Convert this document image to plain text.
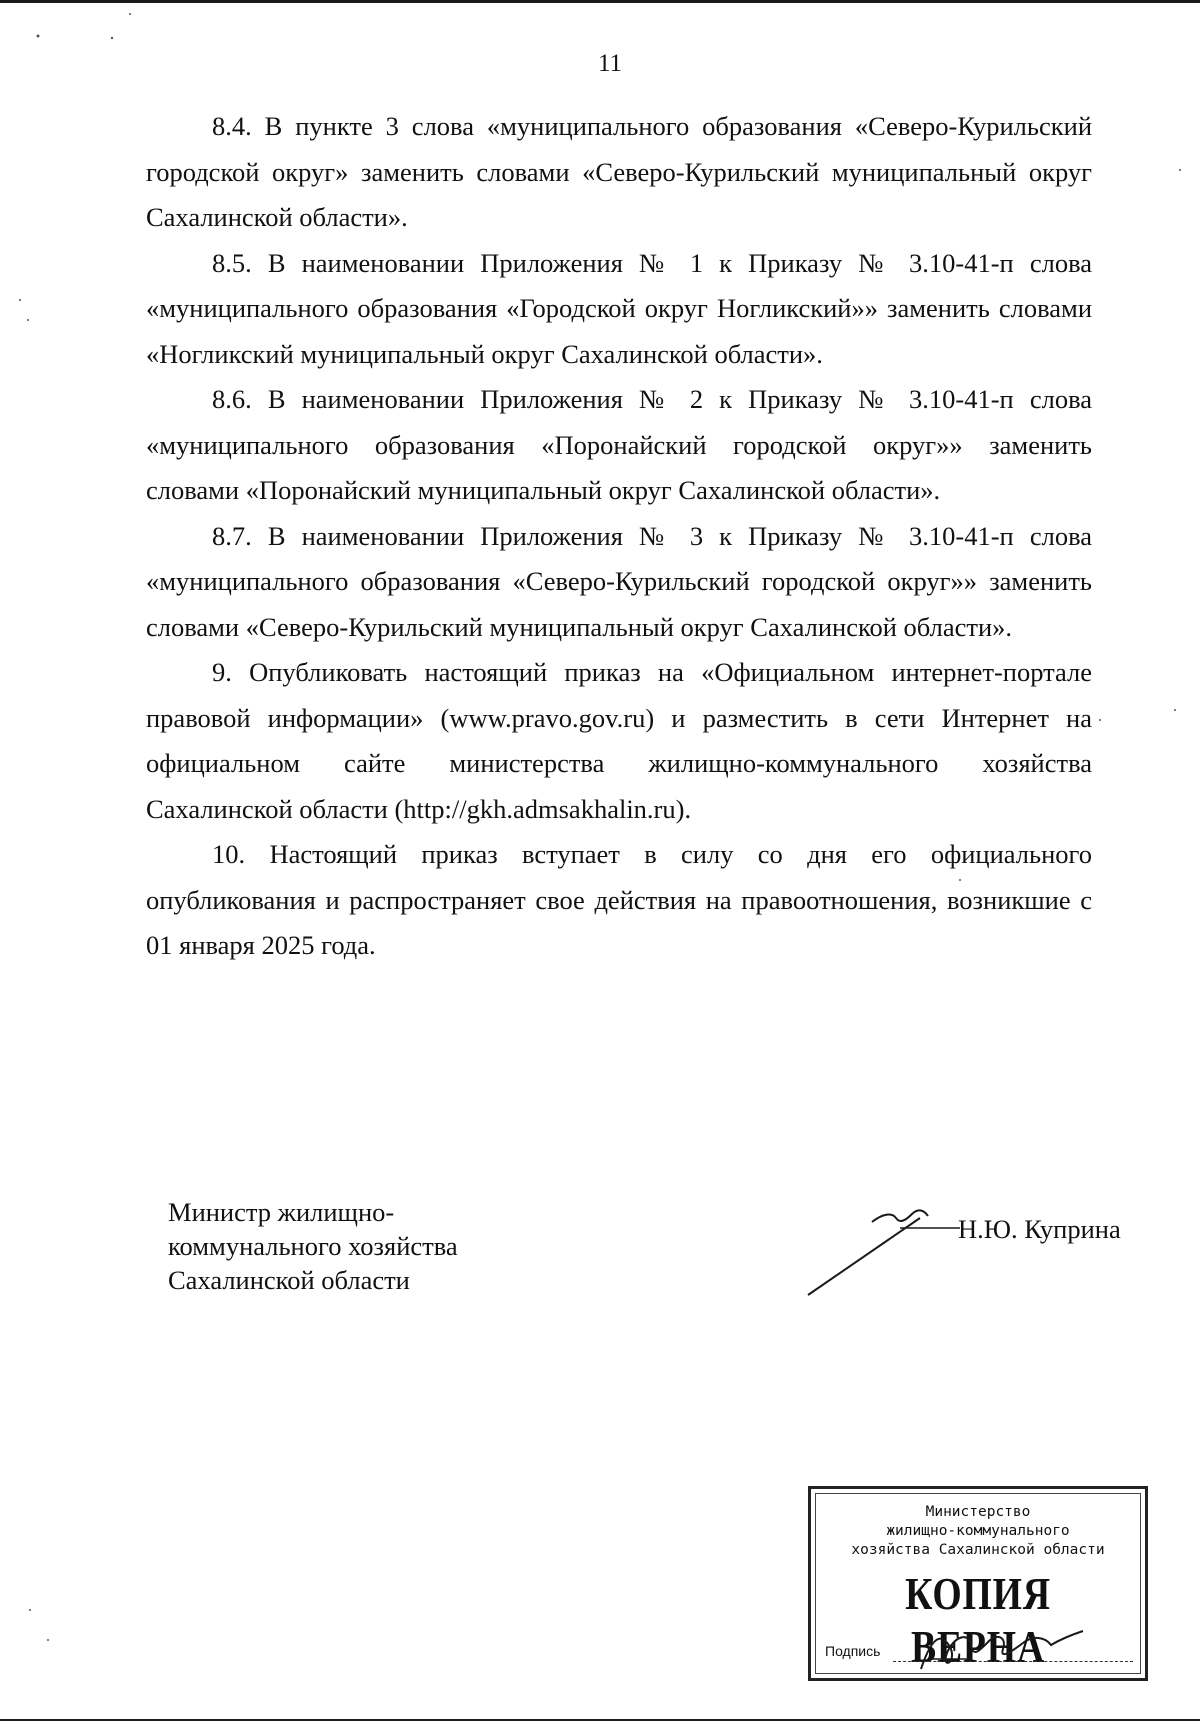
11

8.4. В пункте 3 слова «муниципального образования «Северо-Курильский городской округ» заменить словами «Северо-Курильский муниципальный округ Сахалинской области».

8.5. В наименовании Приложения № 1 к Приказу № 3.10-41-п слова «муниципального образования «Городской округ Ногликский»» заменить словами «Ногликский муниципальный округ Сахалинской области».

8.6. В наименовании Приложения № 2 к Приказу № 3.10-41-п слова «муниципального образования «Поронайский городской округ»» заменить словами «Поронайский муниципальный округ Сахалинской области».

8.7. В наименовании Приложения № 3 к Приказу № 3.10-41-п слова «муниципального образования «Северо-Курильский городской округ»» заменить словами «Северо-Курильский муниципальный округ Сахалинской области».

9. Опубликовать настоящий приказ на «Официальном интернет-портале правовой информации» (www.pravo.gov.ru) и разместить в сети Интернет на официальном сайте министерства жилищно-коммунального хозяйства Сахалинской области (http://gkh.admsakhalin.ru).

10. Настоящий приказ вступает в силу со дня его официального опубликования и распространяет свое действия на правоотношения, возникшие с 01 января 2025 года.

Министр жилищно-
коммунального хозяйства
Сахалинской области
Н.Ю. Куприна
Министерство
жилищно-коммунального
хозяйства Сахалинской области
КОПИЯ ВЕРНА
Подпись
